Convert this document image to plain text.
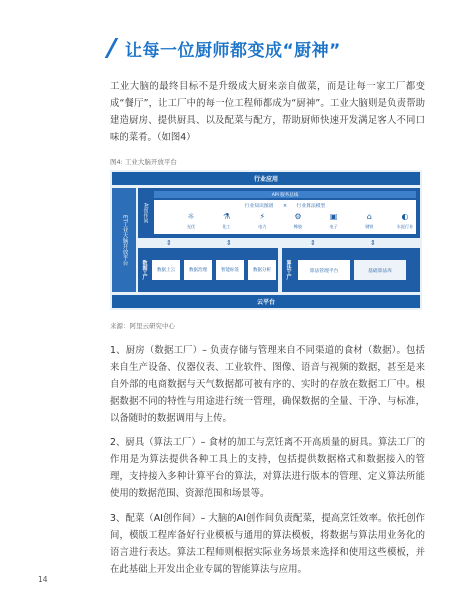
让每一位厨师都变成“厨神”

工业大脑的最终目标不是升级成大厨来亲自做菜，而是让每一家工厂都变成“餐厅”，让工厂中的每一位工程师都成为“厨神”。工业大脑则是负责帮助建造厨房、提供厨具、以及配菜与配方，帮助厨师快速开发满足客人不同口味的菜肴。（如图4）

图4: 工业大脑开放平台
行业应用
ET工业大脑开放平台
AI创作间
API 服务总线
行业知识图谱 × 行业算法模型
☼
光伏
⚗
化工
⚡
电力
⚙
橡胶
▣
电子
⌂
钢铁
◐
水泥行业
⇕	⇕	⇕	⇕
数据工厂	数据上云	数据治理	智能标签	数据分析	算法工厂	算法管理平台	基础算法库
云平台
来源：阿里云研究中心

1、厨房（数据工厂）– 负责存储与管理来自不同渠道的食材（数据）。包括来自生产设备、仪器仪表、工业软件、图像、语音与视频的数据，甚至是来自外部的电商数据与天气数据都可被有序的、实时的存放在数据工厂中。根据数据不同的特性与用途进行统一管理，确保数据的全量、干净、与标准，以备随时的数据调用与上传。

2、厨具（算法工厂）– 食材的加工与烹饪离不开高质量的厨具。算法工厂的作用是为算法提供各种工具上的支持，包括提供数据格式和数据接入的管理，支持接入多种计算平台的算法，对算法进行版本的管理、定义算法所能使用的数据范围、资源范围和场景等。

3、配菜（AI创作间）– 大脑的AI创作间负责配菜，提高烹饪效率。依托创作间，模版工程库备好行业模板与通用的算法模板，将数据与算法用业务化的语言进行表达。算法工程师则根据实际业务场景来选择和使用这些模板，并在此基础上开发出企业专属的智能算法与应用。

14
